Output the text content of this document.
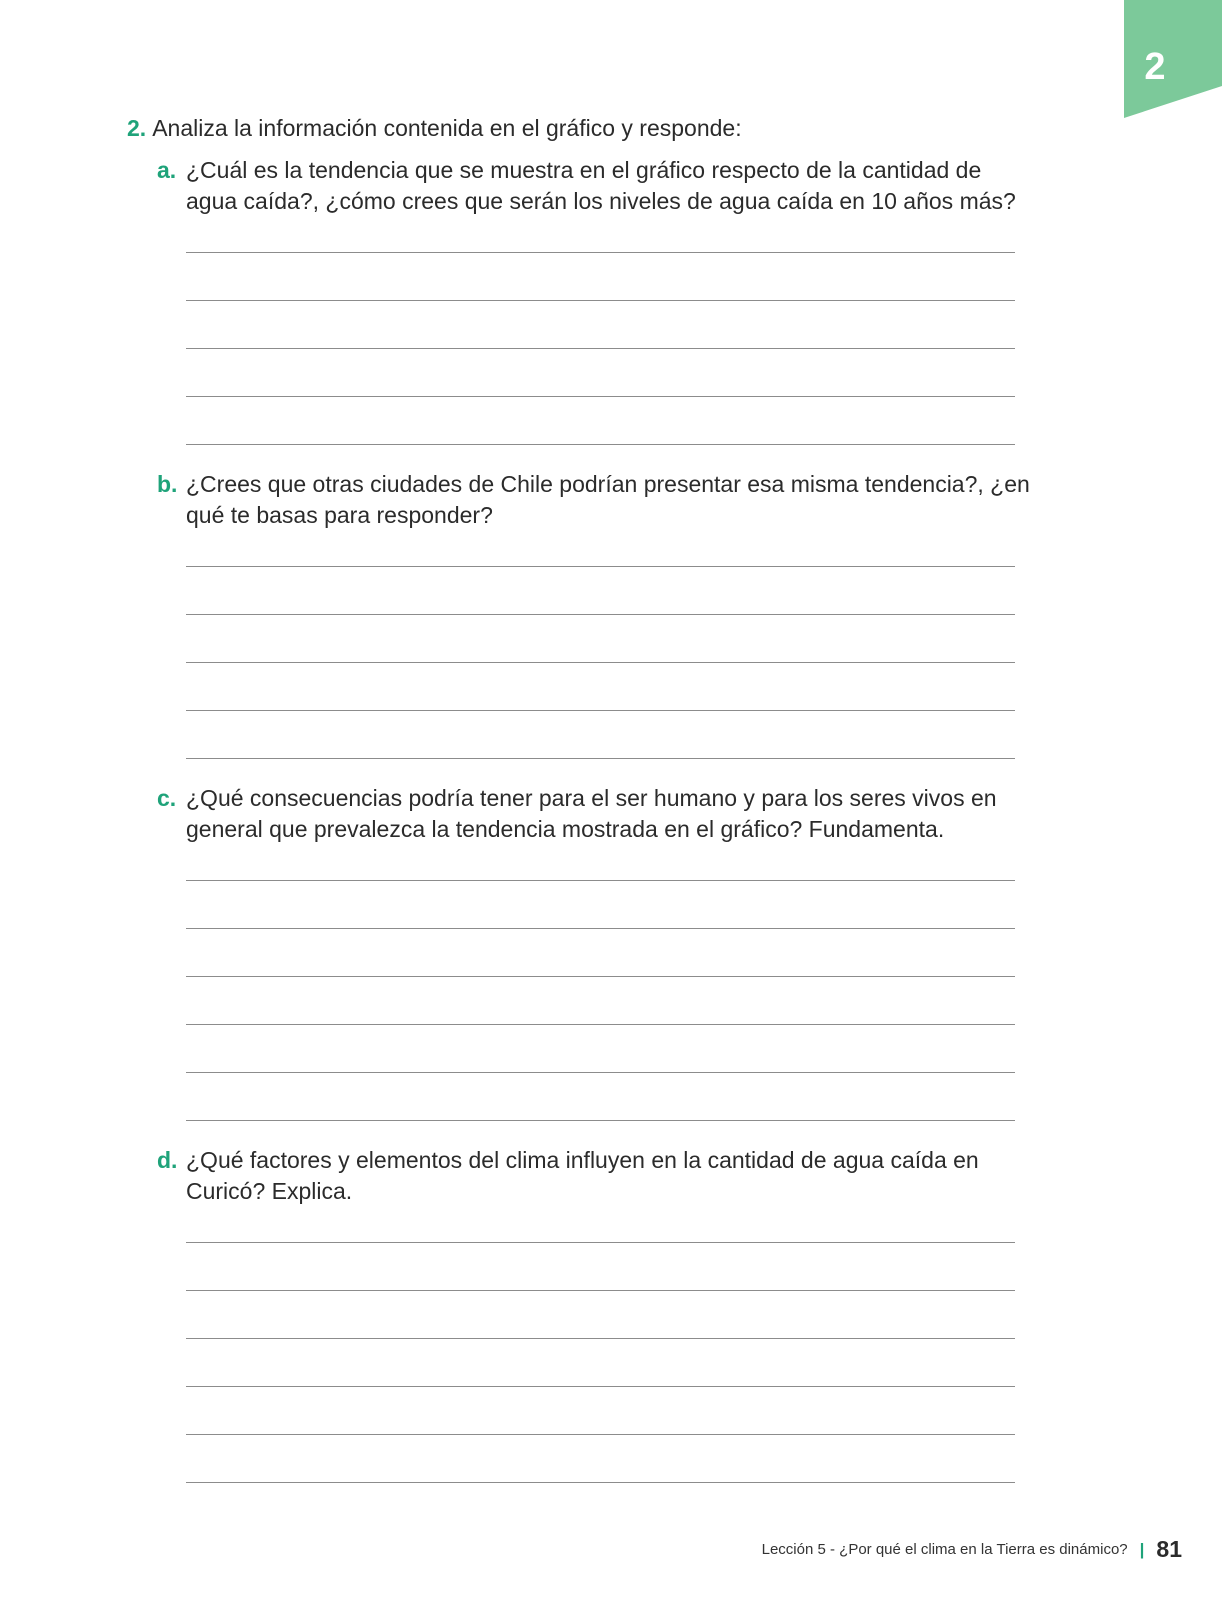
2
2. Analiza la información contenida en el gráfico y responde:
a. ¿Cuál es la tendencia que se muestra en el gráfico respecto de la cantidad de agua caída?, ¿cómo crees que serán los niveles de agua caída en 10 años más?
b. ¿Crees que otras ciudades de Chile podrían presentar esa misma tendencia?, ¿en qué te basas para responder?
c. ¿Qué consecuencias podría tener para el ser humano y para los seres vivos en general que prevalezca la tendencia mostrada en el gráfico? Fundamenta.
d. ¿Qué factores y elementos del clima influyen en la cantidad de agua caída en Curicó? Explica.
Lección 5 - ¿Por qué el clima en la Tierra es dinámico? | 81
